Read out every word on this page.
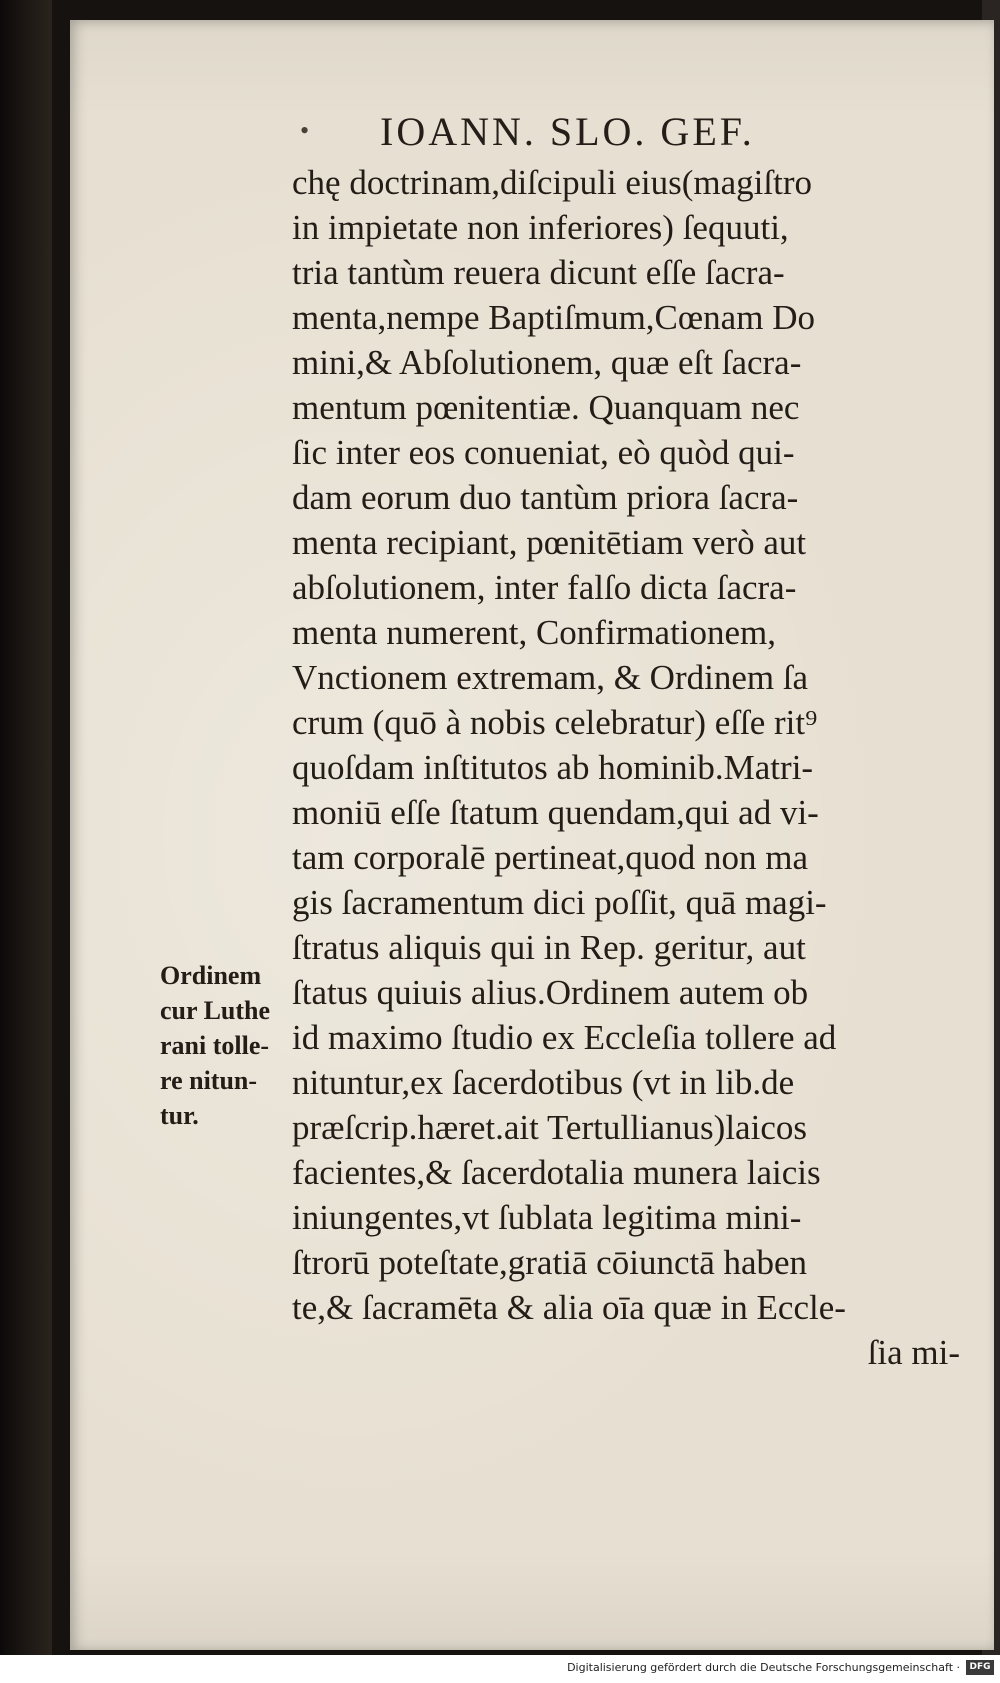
• IOANN. SLO. GEF.
chę doctrinam,diſcipuli eius(magiſtro
in impietate non inferiores) ſequuti,
tria tantùm reuera dicunt eſſe ſacra-
menta,nempe Baptiſmum,Cœnam Do
mini,& Abſolutionem, quæ eſt ſacra-
mentum pœnitentiæ. Quanquam nec
ſic inter eos conueniat, eò quòd qui-
dam eorum duo tantùm priora ſacra-
menta recipiant, pœnitētiam verò aut
abſolutionem, inter falſo dicta ſacra-
menta numerent, Confirmationem,
Vnctionem extremam, & Ordinem ſa
crum (quō à nobis celebratur) eſſe rit⁹
quoſdam inſtitutos ab hominib.Matri-
moniū eſſe ſtatum quendam,qui ad vi-
tam corporalē pertineat,quod non ma
gis ſacramentum dici poſſit, quā magi-
ſtratus aliquis qui in Rep. geritur, aut
ſtatus quiuis alius.Ordinem autem ob
id maximo ſtudio ex Eccleſia tollere ad
nituntur,ex ſacerdotibus (vt in lib.de
præſcrip.hæret.ait Tertullianus)laicos
facientes,& ſacerdotalia munera laicis
iniungentes,vt ſublata legitima mini-
ſtrorū poteſtate,gratiā cōiunctā haben
te,& ſacramēta & alia oīa quæ in Eccle-
ſia mi-
Ordinem
cur Luthe
rani tolle-
re nitun-
tur.
Digitalisierung gefördert durch die Deutsche Forschungsgemeinschaft ·	DFG
